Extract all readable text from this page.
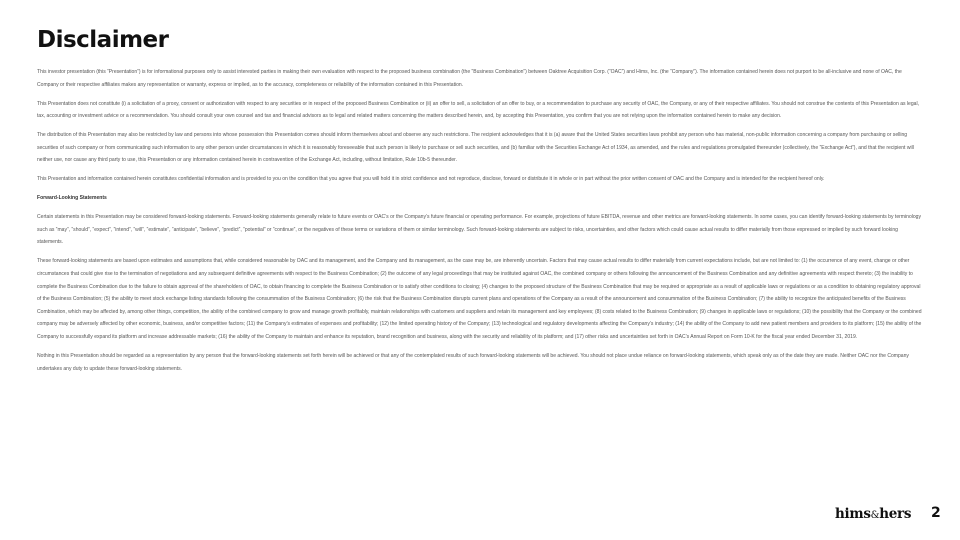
Disclaimer

This investor presentation (this “Presentation”) is for informational purposes only to assist interested parties in making their own evaluation with respect to the proposed business combination (the “Business Combination”) between Oaktree Acquisition Corp. (“OAC”) and Hims, Inc. (the “Company”). The information contained herein does not purport to be all-inclusive and none of OAC, the Company or their respective affiliates makes any representation or warranty, express or implied, as to the accuracy, completeness or reliability of the information contained in this Presentation.

This Presentation does not constitute (i) a solicitation of a proxy, consent or authorization with respect to any securities or in respect of the proposed Business Combination or (ii) an offer to sell, a solicitation of an offer to buy, or a recommendation to purchase any security of OAC, the Company, or any of their respective affiliates. You should not construe the contents of this Presentation as legal, tax, accounting or investment advice or a recommendation. You should consult your own counsel and tax and financial advisors as to legal and related matters concerning the matters described herein, and, by accepting this Presentation, you confirm that you are not relying upon the information contained herein to make any decision.

The distribution of this Presentation may also be restricted by law and persons into whose possession this Presentation comes should inform themselves about and observe any such restrictions. The recipient acknowledges that it is (a) aware that the United States securities laws prohibit any person who has material, non-public information concerning a company from purchasing or selling securities of such company or from communicating such information to any other person under circumstances in which it is reasonably foreseeable that such person is likely to purchase or sell such securities, and (b) familiar with the Securities Exchange Act of 1934, as amended, and the rules and regulations promulgated thereunder (collectively, the “Exchange Act”), and that the recipient will neither use, nor cause any third party to use, this Presentation or any information contained herein in contravention of the Exchange Act, including, without limitation, Rule 10b-5 thereunder.

This Presentation and information contained herein constitutes confidential information and is provided to you on the condition that you agree that you will hold it in strict confidence and not reproduce, disclose, forward or distribute it in whole or in part without the prior written consent of OAC and the Company and is intended for the recipient hereof only.

Forward-Looking Statements

Certain statements in this Presentation may be considered forward-looking statements. Forward-looking statements generally relate to future events or OAC’s or the Company’s future financial or operating performance. For example, projections of future EBITDA, revenue and other metrics are forward-looking statements. In some cases, you can identify forward-looking statements by terminology such as “may”, “should”, “expect”, “intend”, “will”, “estimate”, “anticipate”, “believe”, “predict”, “potential” or “continue”, or the negatives of these terms or variations of them or similar terminology. Such forward-looking statements are subject to risks, uncertainties, and other factors which could cause actual results to differ materially from those expressed or implied by such forward looking statements.

These forward-looking statements are based upon estimates and assumptions that, while considered reasonable by OAC and its management, and the Company and its management, as the case may be, are inherently uncertain. Factors that may cause actual results to differ materially from current expectations include, but are not limited to: (1) the occurrence of any event, change or other circumstances that could give rise to the termination of negotiations and any subsequent definitive agreements with respect to the Business Combination; (2) the outcome of any legal proceedings that may be instituted against OAC, the combined company or others following the announcement of the Business Combination and any definitive agreements with respect thereto; (3) the inability to complete the Business Combination due to the failure to obtain approval of the shareholders of OAC, to obtain financing to complete the Business Combination or to satisfy other conditions to closing; (4) changes to the proposed structure of the Business Combination that may be required or appropriate as a result of applicable laws or regulations or as a condition to obtaining regulatory approval of the Business Combination; (5) the ability to meet stock exchange listing standards following the consummation of the Business Combination; (6) the risk that the Business Combination disrupts current plans and operations of the Company as a result of the announcement and consummation of the Business Combination; (7) the ability to recognize the anticipated benefits of the Business Combination, which may be affected by, among other things, competition, the ability of the combined company to grow and manage growth profitably, maintain relationships with customers and suppliers and retain its management and key employees; (8) costs related to the Business Combination; (9) changes in applicable laws or regulations; (10) the possibility that the Company or the combined company may be adversely affected by other economic, business, and/or competitive factors; (11) the Company’s estimates of expenses and profitability; (12) the limited operating history of the Company; (13) technological and regulatory developments affecting the Company’s industry; (14) the ability of the Company to add new patient members and providers to its platform; (15) the ability of the Company to successfully expand its platform and increase addressable markets; (16) the ability of the Company to maintain and enhance its reputation, brand recognition and business, along with the security and reliability of its platform; and (17) other risks and uncertainties set forth in OAC’s Annual Report on Form 10-K for the fiscal year ended December 31, 2019.

Nothing in this Presentation should be regarded as a representation by any person that the forward-looking statements set forth herein will be achieved or that any of the contemplated results of such forward-looking statements will be achieved. You should not place undue reliance on forward-looking statements, which speak only as of the date they are made. Neither OAC nor the Company undertakes any duty to update these forward-looking statements.

hims&hers 2
